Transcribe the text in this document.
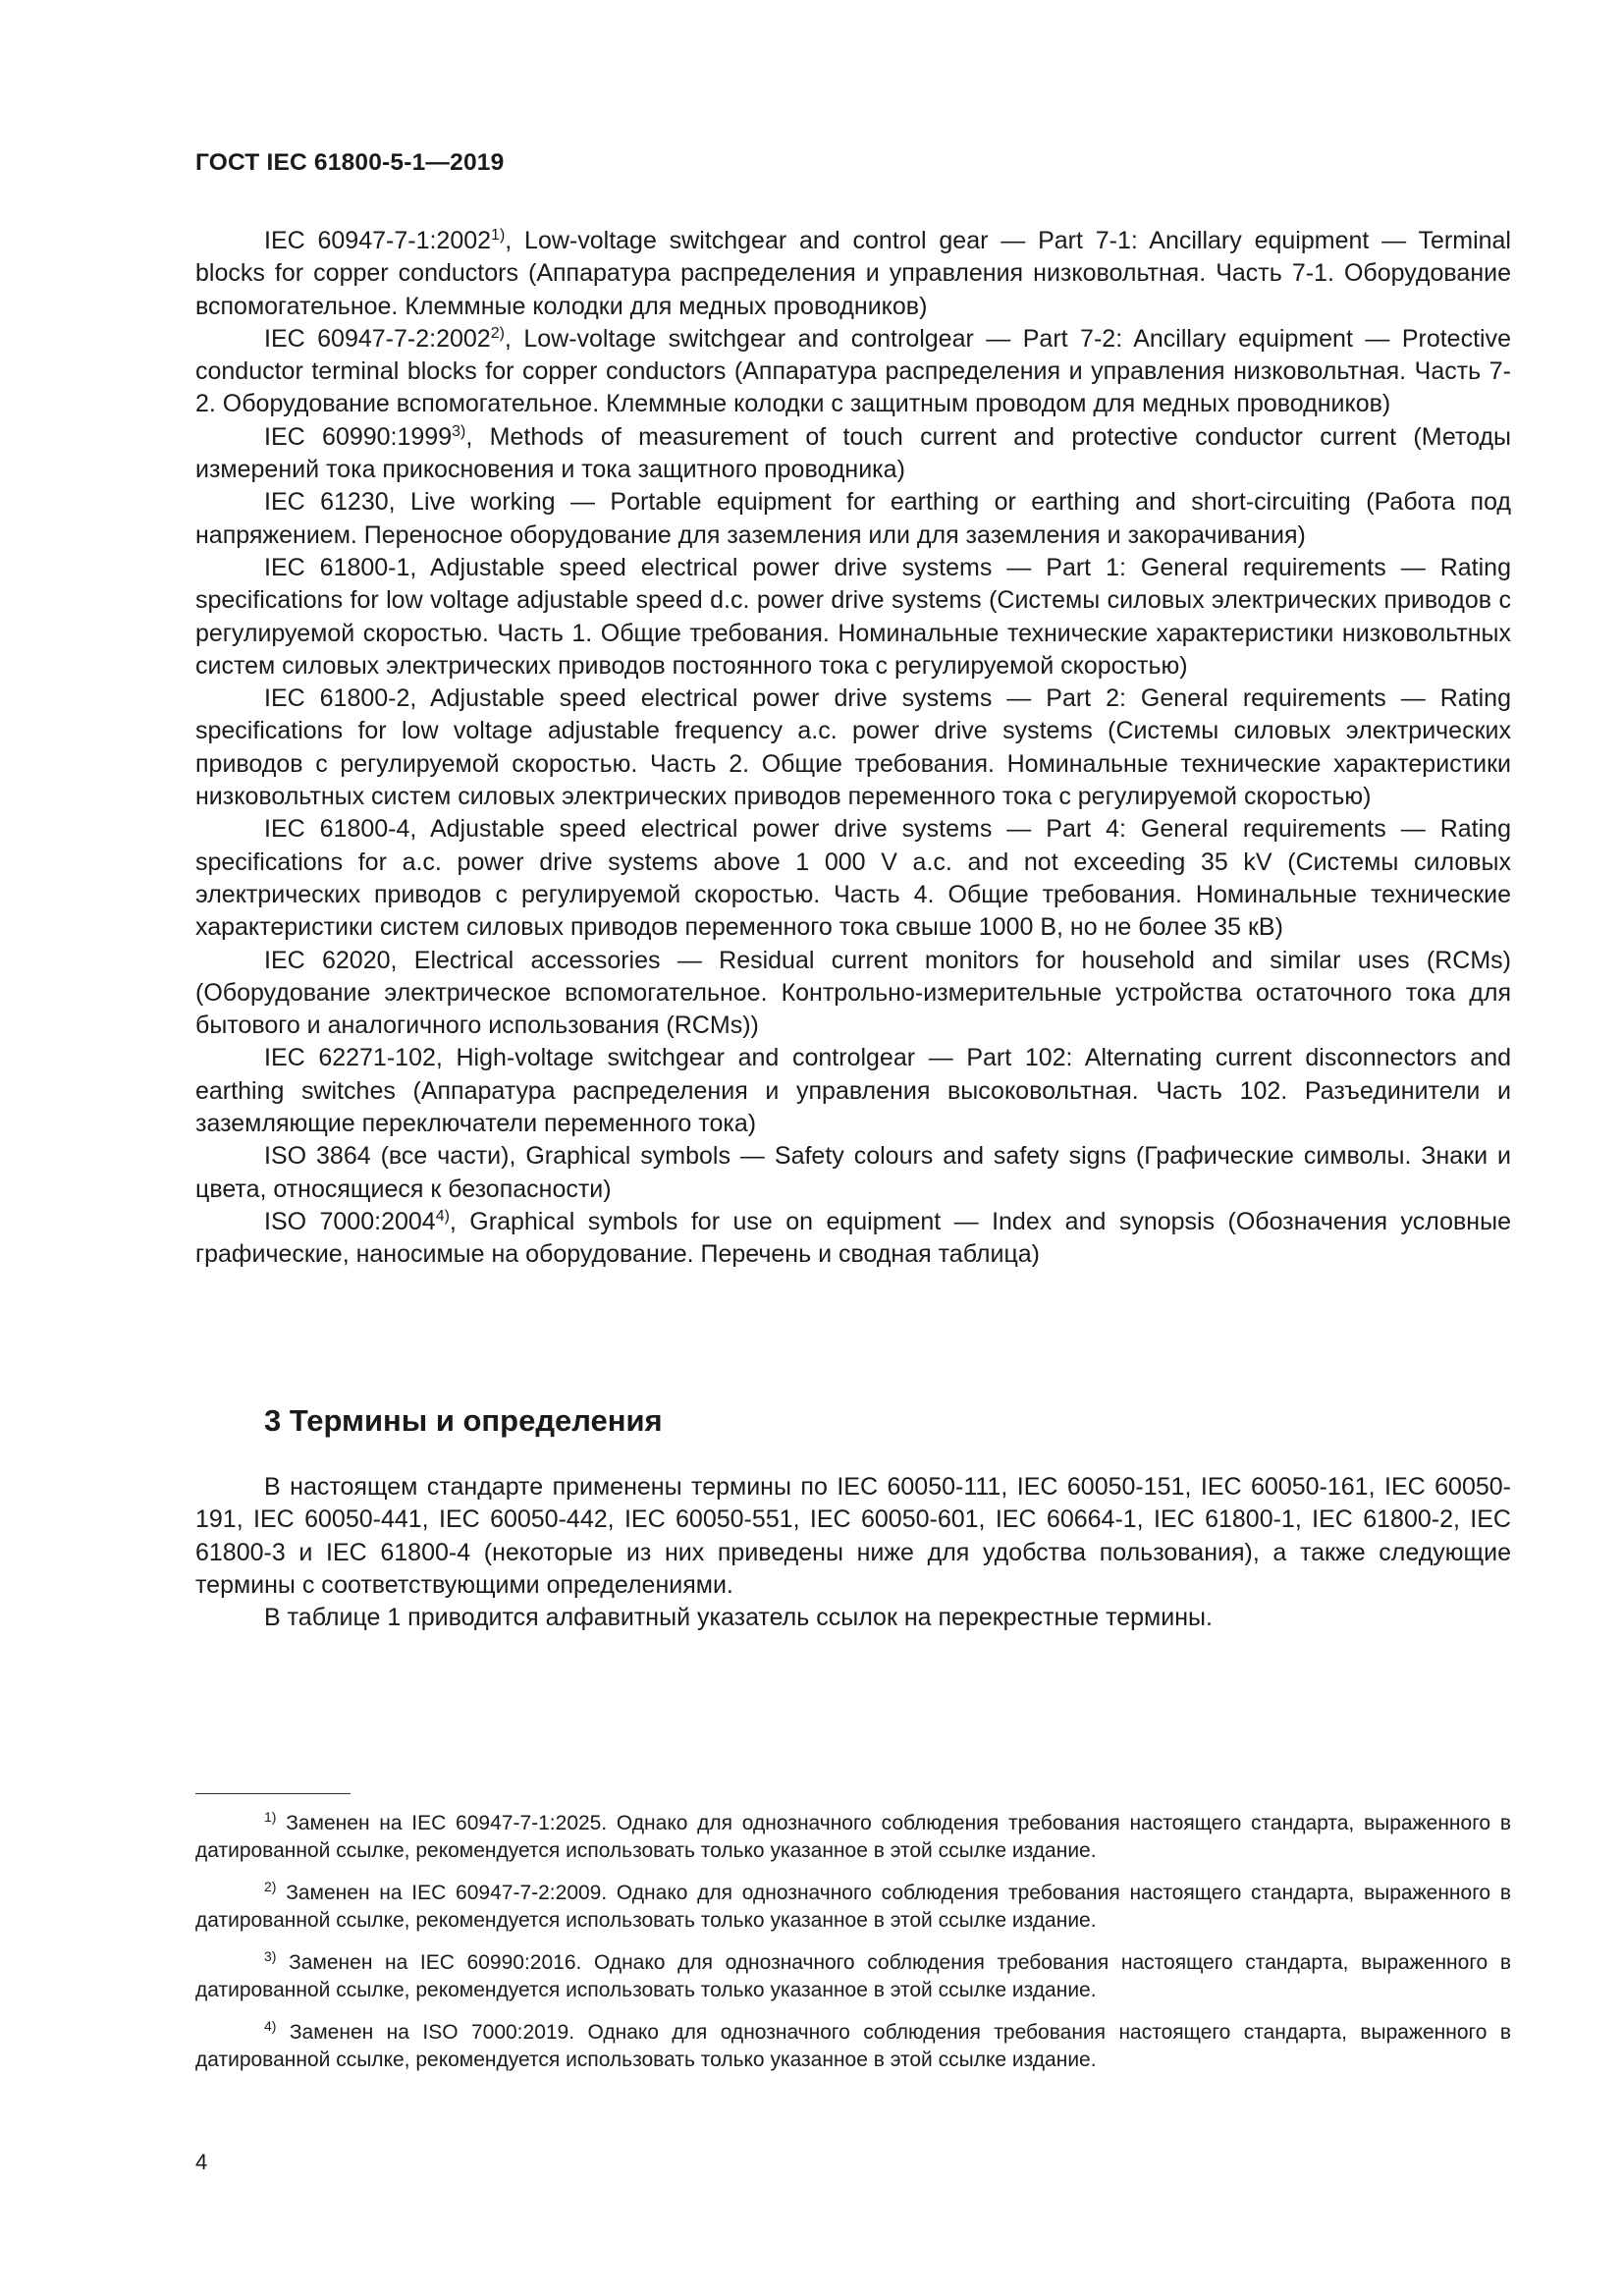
ГОСТ IEC 61800-5-1—2019

IEC 60947-7-1:2002$^{1)}$, Low-voltage switchgear and control gear — Part 7-1: Ancillary equipment — Terminal blocks for copper conductors (Аппаратура распределения и управления низковольтная. Часть 7-1. Оборудование вспомогательное. Клеммные колодки для медных проводников)

IEC 60947-7-2:2002$^{2)}$, Low-voltage switchgear and controlgear — Part 7-2: Ancillary equipment — Protective conductor terminal blocks for copper conductors (Аппаратура распределения и управления низковольтная. Часть 7-2. Оборудование вспомогательное. Клеммные колодки с защитным проводом для медных проводников)

IEC 60990:1999$^{3)}$, Methods of measurement of touch current and protective conductor current (Методы измерений тока прикосновения и тока защитного проводника)

IEC 61230, Live working — Portable equipment for earthing or earthing and short-circuiting (Работа под напряжением. Переносное оборудование для заземления или для заземления и закорачивания)

IEC 61800-1, Adjustable speed electrical power drive systems — Part 1: General requirements — Rating specifications for low voltage adjustable speed d.c. power drive systems (Системы силовых электрических приводов с регулируемой скоростью. Часть 1. Общие требования. Номинальные технические характеристики низковольтных систем силовых электрических приводов постоянного тока с регулируемой скоростью)

IEC 61800-2, Adjustable speed electrical power drive systems — Part 2: General requirements — Rating specifications for low voltage adjustable frequency a.c. power drive systems (Системы силовых электрических приводов с регулируемой скоростью. Часть 2. Общие требования. Номинальные технические характеристики низковольтных систем силовых электрических приводов переменного тока с регулируемой скоростью)

IEC 61800-4, Adjustable speed electrical power drive systems — Part 4: General requirements — Rating specifications for a.c. power drive systems above 1 000 V a.c. and not exceeding 35 kV (Системы силовых электрических приводов с регулируемой скоростью. Часть 4. Общие требования. Номинальные технические характеристики систем силовых приводов переменного тока свыше 1000 В, но не более 35 кВ)

IEC 62020, Electrical accessories — Residual current monitors for household and similar uses (RCMs) (Оборудование электрическое вспомогательное. Контрольно-измерительные устройства остаточного тока для бытового и аналогичного использования (RCMs))

IEC 62271-102, High-voltage switchgear and controlgear — Part 102: Alternating current disconnectors and earthing switches (Аппаратура распределения и управления высоковольтная. Часть 102. Разъединители и заземляющие переключатели переменного тока)

ISO 3864 (все части), Graphical symbols — Safety colours and safety signs (Графические символы. Знаки и цвета, относящиеся к безопасности)

ISO 7000:2004$^{4)}$, Graphical symbols for use on equipment — Index and synopsis (Обозначения условные графические, наносимые на оборудование. Перечень и сводная таблица)

3 Термины и определения

В настоящем стандарте применены термины по IEC 60050-111, IEC 60050-151, IEC 60050-161, IEC 60050-191, IEC 60050-441, IEC 60050-442, IEC 60050-551, IEC 60050-601, IEC 60664-1, IEC 61800-1, IEC 61800-2, IEC 61800-3 и IEC 61800-4 (некоторые из них приведены ниже для удобства пользования), а также следующие термины с соответствующими определениями.

В таблице 1 приводится алфавитный указатель ссылок на перекрестные термины.

$^{1)}$ Заменен на IEC 60947-7-1:2025. Однако для однозначного соблюдения требования настоящего стандарта, выраженного в датированной ссылке, рекомендуется использовать только указанное в этой ссылке издание.

$^{2)}$ Заменен на IEC 60947-7-2:2009. Однако для однозначного соблюдения требования настоящего стандарта, выраженного в датированной ссылке, рекомендуется использовать только указанное в этой ссылке издание.

$^{3)}$ Заменен на IEC 60990:2016. Однако для однозначного соблюдения требования настоящего стандарта, выраженного в датированной ссылке, рекомендуется использовать только указанное в этой ссылке издание.

$^{4)}$ Заменен на ISO 7000:2019. Однако для однозначного соблюдения требования настоящего стандарта, выраженного в датированной ссылке, рекомендуется использовать только указанное в этой ссылке издание.

4
